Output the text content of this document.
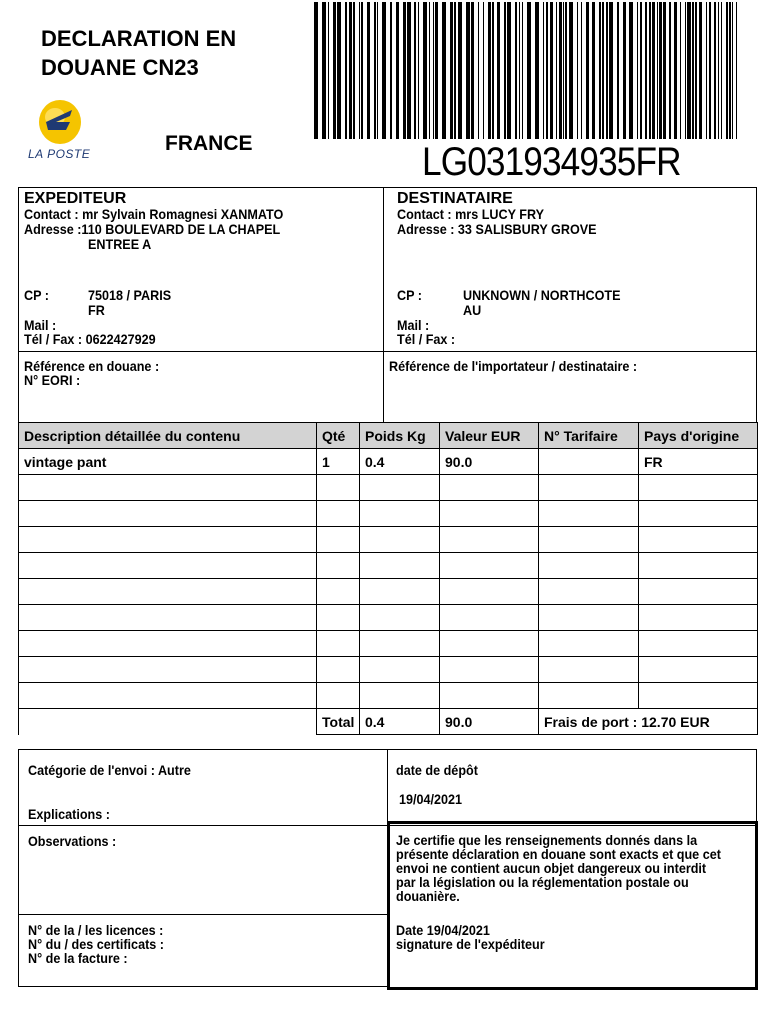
DECLARATION EN
DOUANE CN23
LA POSTE	FRANCE	LG031934935FR
EXPEDITEUR
Contact : mr Sylvain Romagnesi XANMATO
Adresse :110 BOULEVARD DE LA CHAPEL
ENTREE A
CP :	75018 / PARIS
FR
Mail :
Tél / Fax : 0622427929
DESTINATAIRE
Contact : mrs LUCY FRY
Adresse : 33 SALISBURY GROVE
CP :	UNKNOWN / NORTHCOTE
AU
Mail :
Tél / Fax :
Référence en douane :
N° EORI :
Référence de l'importateur / destinataire :
Description détaillée du contenu	Qté	Poids Kg	Valeur EUR	N° Tarifaire	Pays d'origine
vintage pant	1	0.4	90.0		FR

	Total	0.4	90.0	Frais de port : 12.70 EUR	
Catégorie de l'envoi : Autre
Explications :
date de dépôt
19/04/2021
Observations :
N° de la / les licences :
N° du / des certificats :
N° de la facture :
Je certifie que les renseignements donnés dans la
présente déclaration en douane sont exacts et que cet
envoi ne contient aucun objet dangereux ou interdit
par la législation ou la réglementation postale ou
douanière.
Date 19/04/2021
signature de l'expéditeur
